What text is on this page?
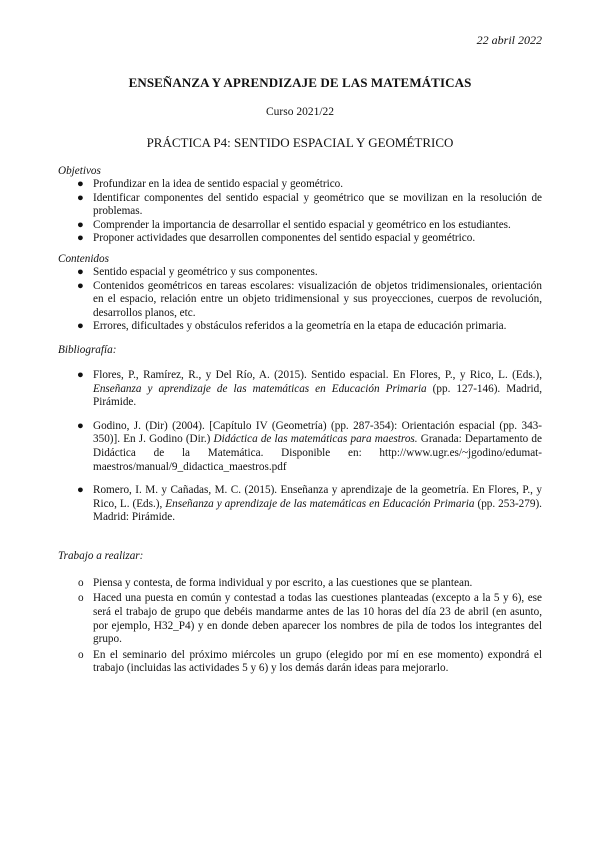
22 abril 2022
ENSEÑANZA Y APRENDIZAJE DE LAS MATEMÁTICAS
Curso 2021/22
PRÁCTICA P4: SENTIDO ESPACIAL Y GEOMÉTRICO

Objetivos

● Profundizar en la idea de sentido espacial y geométrico.
● Identificar componentes del sentido espacial y geométrico que se movilizan en la resolución de problemas.
● Comprender la importancia de desarrollar el sentido espacial y geométrico en los estudiantes.
● Proponer actividades que desarrollen componentes del sentido espacial y geométrico.

Contenidos

● Sentido espacial y geométrico y sus componentes.
● Contenidos geométricos en tareas escolares: visualización de objetos tridimensionales, orientación en el espacio, relación entre un objeto tridimensional y sus proyecciones, cuerpos de revolución, desarrollos planos, etc.
● Errores, dificultades y obstáculos referidos a la geometría en la etapa de educación primaria.

Bibliografía:

● Flores, P., Ramírez, R., y Del Río, A. (2015). Sentido espacial. En Flores, P., y Rico, L. (Eds.), Enseñanza y aprendizaje de las matemáticas en Educación Primaria (pp. 127-146). Madrid, Pirámide.
● Godino, J. (Dir) (2004). [Capítulo IV (Geometría) (pp. 287-354): Orientación espacial (pp. 343-350)]. En J. Godino (Dir.) Didáctica de las matemáticas para maestros. Granada: Departamento de Didáctica de la Matemática. Disponible en: http://www.ugr.es/~jgodino/edumat-maestros/manual/9_didactica_maestros.pdf
● Romero, I. M. y Cañadas, M. C. (2015). Enseñanza y aprendizaje de la geometría. En Flores, P., y Rico, L. (Eds.), Enseñanza y aprendizaje de las matemáticas en Educación Primaria (pp. 253-279). Madrid: Pirámide.

Trabajo a realizar:

o Piensa y contesta, de forma individual y por escrito, a las cuestiones que se plantean.
o Haced una puesta en común y contestad a todas las cuestiones planteadas (excepto a la 5 y 6), ese será el trabajo de grupo que debéis mandarme antes de las 10 horas del día 23 de abril (en asunto, por ejemplo, H32_P4) y en donde deben aparecer los nombres de pila de todos los integrantes del grupo.
o En el seminario del próximo miércoles un grupo (elegido por mí en ese momento) expondrá el trabajo (incluidas las actividades 5 y 6) y los demás darán ideas para mejorarlo.
